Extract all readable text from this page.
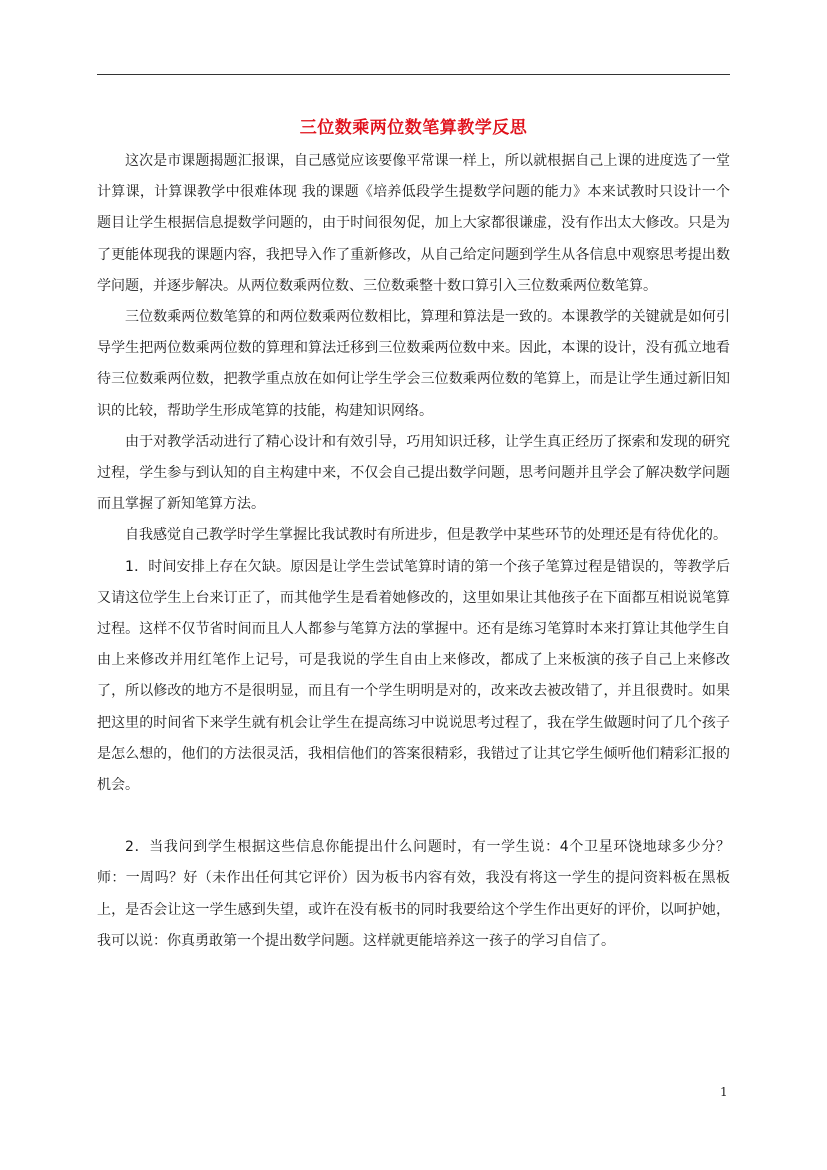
三位数乘两位数笔算教学反思

这次是市课题揭题汇报课，自己感觉应该要像平常课一样上，所以就根据自己上课的进度选了一堂计算课，计算课教学中很难体现 我的课题《培养低段学生提数学问题的能力》本来试教时只设计一个题目让学生根据信息提数学问题的，由于时间很匆促，加上大家都很谦虚，没有作出太大修改。只是为了更能体现我的课题内容，我把导入作了重新修改，从自己给定问题到学生从各信息中观察思考提出数学问题，并逐步解决。从两位数乘两位数、三位数乘整十数口算引入三位数乘两位数笔算。

三位数乘两位数笔算的和两位数乘两位数相比，算理和算法是一致的。本课教学的关键就是如何引导学生把两位数乘两位数的算理和算法迁移到三位数乘两位数中来。因此，本课的设计，没有孤立地看待三位数乘两位数，把教学重点放在如何让学生学会三位数乘两位数的笔算上，而是让学生通过新旧知识的比较，帮助学生形成笔算的技能，构建知识网络。

由于对教学活动进行了精心设计和有效引导，巧用知识迁移，让学生真正经历了探索和发现的研究过程，学生参与到认知的自主构建中来，不仅会自己提出数学问题，思考问题并且学会了解决数学问题而且掌握了新知笔算方法。

自我感觉自己教学时学生掌握比我试教时有所进步，但是教学中某些环节的处理还是有待优化的。

1．时间安排上存在欠缺。原因是让学生尝试笔算时请的第一个孩子笔算过程是错误的，等教学后又请这位学生上台来订正了，而其他学生是看着她修改的，这里如果让其他孩子在下面都互相说说笔算过程。这样不仅节省时间而且人人都参与笔算方法的掌握中。还有是练习笔算时本来打算让其他学生自由上来修改并用红笔作上记号，可是我说的学生自由上来修改，都成了上来板演的孩子自己上来修改了，所以修改的地方不是很明显，而且有一个学生明明是对的，改来改去被改错了，并且很费时。如果把这里的时间省下来学生就有机会让学生在提高练习中说说思考过程了，我在学生做题时问了几个孩子是怎么想的，他们的方法很灵活，我相信他们的答案很精彩，我错过了让其它学生倾听他们精彩汇报的机会。

2．当我问到学生根据这些信息你能提出什么问题时，有一学生说：4个卫星环饶地球多少分？师：一周吗？好（未作出任何其它评价）因为板书内容有效，我没有将这一学生的提问资料板在黑板上，是否会让这一学生感到失望，或许在没有板书的同时我要给这个学生作出更好的评价，以呵护她，我可以说：你真勇敢第一个提出数学问题。这样就更能培养这一孩子的学习自信了。

1
